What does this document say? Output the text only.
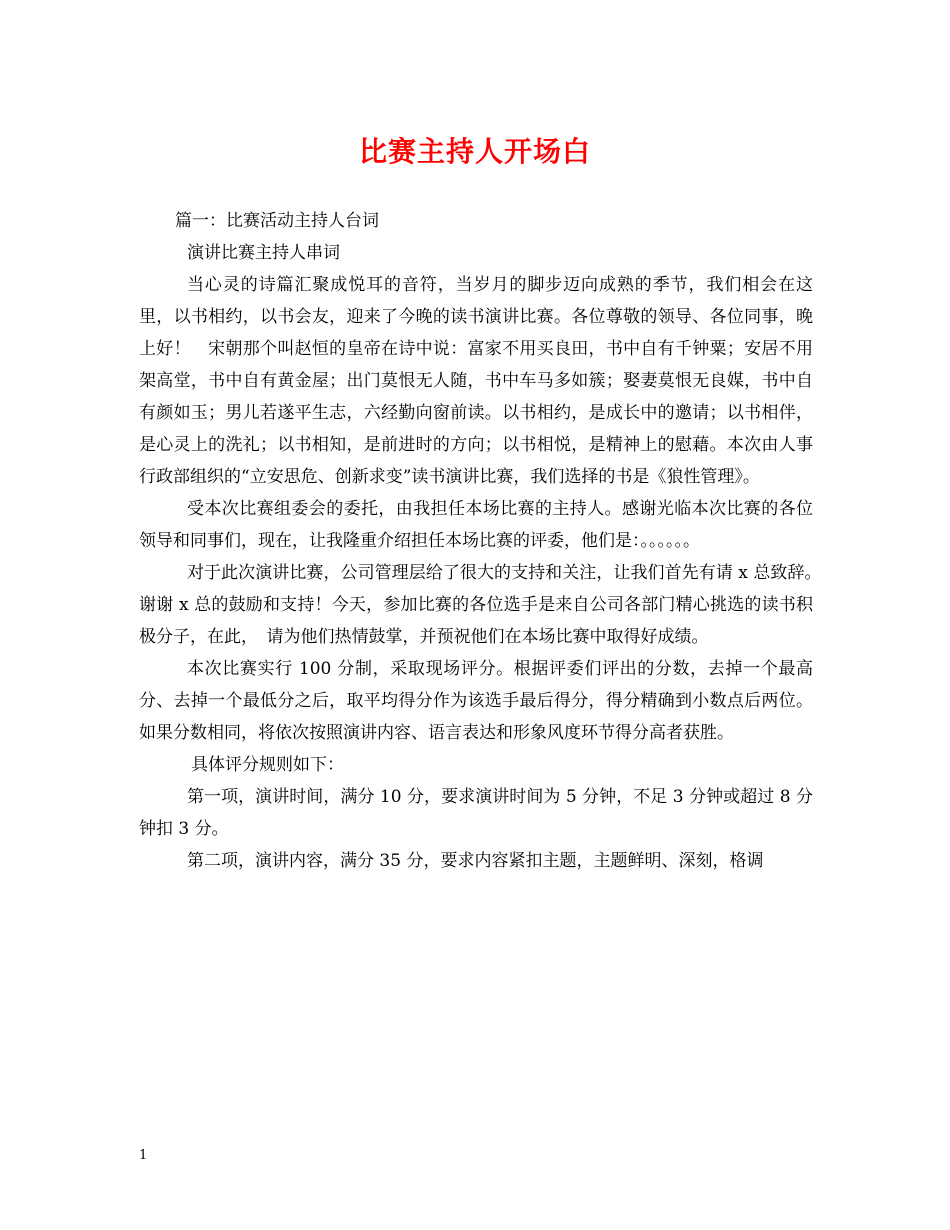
比赛主持人开场白

篇一：比赛活动主持人台词

演讲比赛主持人串词

当心灵的诗篇汇聚成悦耳的音符，当岁月的脚步迈向成熟的季节，我们相会在这里，以书相约，以书会友，迎来了今晚的读书演讲比赛。各位尊敬的领导、各位同事，晚上好！　宋朝那个叫赵恒的皇帝在诗中说：富家不用买良田，书中自有千钟粟；安居不用架高堂，书中自有黄金屋；出门莫恨无人随，书中车马多如簇；娶妻莫恨无良媒，书中自有颜如玉；男儿若遂平生志，六经勤向窗前读。以书相约，是成长中的邀请；以书相伴，是心灵上的洗礼；以书相知，是前进时的方向；以书相悦，是精神上的慰藉。本次由人事行政部组织的“立安思危、创新求变”读书演讲比赛，我们选择的书是《狼性管理》。

受本次比赛组委会的委托，由我担任本场比赛的主持人。感谢光临本次比赛的各位领导和同事们，现在，让我隆重介绍担任本场比赛的评委，他们是：。。。。。。

对于此次演讲比赛，公司管理层给了很大的支持和关注，让我们首先有请 x 总致辞。　谢谢 x 总的鼓励和支持！今天，参加比赛的各位选手是来自公司各部门精心挑选的读书积极分子，在此，　请为他们热情鼓掌，并预祝他们在本场比赛中取得好成绩。

本次比赛实行 100 分制，采取现场评分。根据评委们评出的分数，去掉一个最高分、去掉一个最低分之后，取平均得分作为该选手最后得分，得分精确到小数点后两位。如果分数相同，将依次按照演讲内容、语言表达和形象风度环节得分高者获胜。

具体评分规则如下：

第一项，演讲时间，满分 10 分，要求演讲时间为 5 分钟，不足 3 分钟或超过 8 分钟扣 3 分。

第二项，演讲内容，满分 35 分，要求内容紧扣主题，主题鲜明、深刻，格调

1
